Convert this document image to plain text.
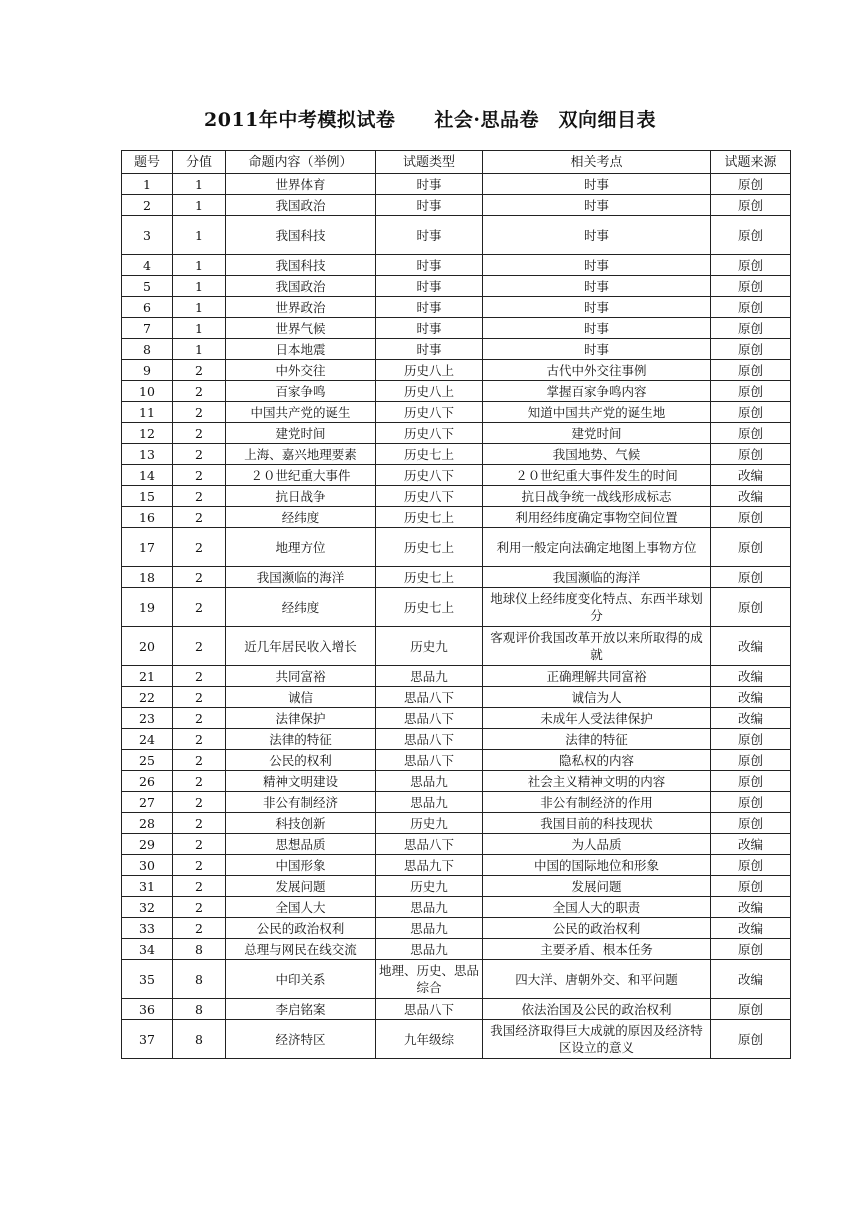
2011年中考模拟试卷　　社会·思品卷　双向细目表
题号	分值	命题内容（举例）	试题类型	相关考点	试题来源
1	1	世界体育	时事	时事	原创
2	1	我国政治	时事	时事	原创
3	1	我国科技	时事	时事	原创
4	1	我国科技	时事	时事	原创
5	1	我国政治	时事	时事	原创
6	1	世界政治	时事	时事	原创
7	1	世界气候	时事	时事	原创
8	1	日本地震	时事	时事	原创
9	2	中外交往	历史八上	古代中外交往事例	原创
10	2	百家争鸣	历史八上	掌握百家争鸣内容	原创
11	2	中国共产党的诞生	历史八下	知道中国共产党的诞生地	原创
12	2	建党时间	历史八下	建党时间	原创
13	2	上海、嘉兴地理要素	历史七上	我国地势、气候	原创
14	2	２０世纪重大事件	历史八下	２０世纪重大事件发生的时间	改编
15	2	抗日战争	历史八下	抗日战争统一战线形成标志	改编
16	2	经纬度	历史七上	利用经纬度确定事物空间位置	原创
17	2	地理方位	历史七上	利用一般定向法确定地图上事物方位	原创
18	2	我国濒临的海洋	历史七上	我国濒临的海洋	原创
19	2	经纬度	历史七上	地球仪上经纬度变化特点、东西半球划分	原创
20	2	近几年居民收入增长	历史九	客观评价我国改革开放以来所取得的成就	改编
21	2	共同富裕	思品九	正确理解共同富裕	改编
22	2	诚信	思品八下	诚信为人	改编
23	2	法律保护	思品八下	未成年人受法律保护	改编
24	2	法律的特征	思品八下	法律的特征	原创
25	2	公民的权利	思品八下	隐私权的内容	原创
26	2	精神文明建设	思品九	社会主义精神文明的内容	原创
27	2	非公有制经济	思品九	非公有制经济的作用	原创
28	2	科技创新	历史九	我国目前的科技现状	原创
29	2	思想品质	思品八下	为人品质	改编
30	2	中国形象	思品九下	中国的国际地位和形象	原创
31	2	发展问题	历史九	发展问题	原创
32	2	全国人大	思品九	全国人大的职责	改编
33	2	公民的政治权利	思品九	公民的政治权利	改编
34	8	总理与网民在线交流	思品九	主要矛盾、根本任务	原创
35	8	中印关系	地理、历史、思品综合	四大洋、唐朝外交、和平问题	改编
36	8	李启铭案	思品八下	依法治国及公民的政治权利	原创
37	8	经济特区	九年级综	我国经济取得巨大成就的原因及经济特区设立的意义	原创
